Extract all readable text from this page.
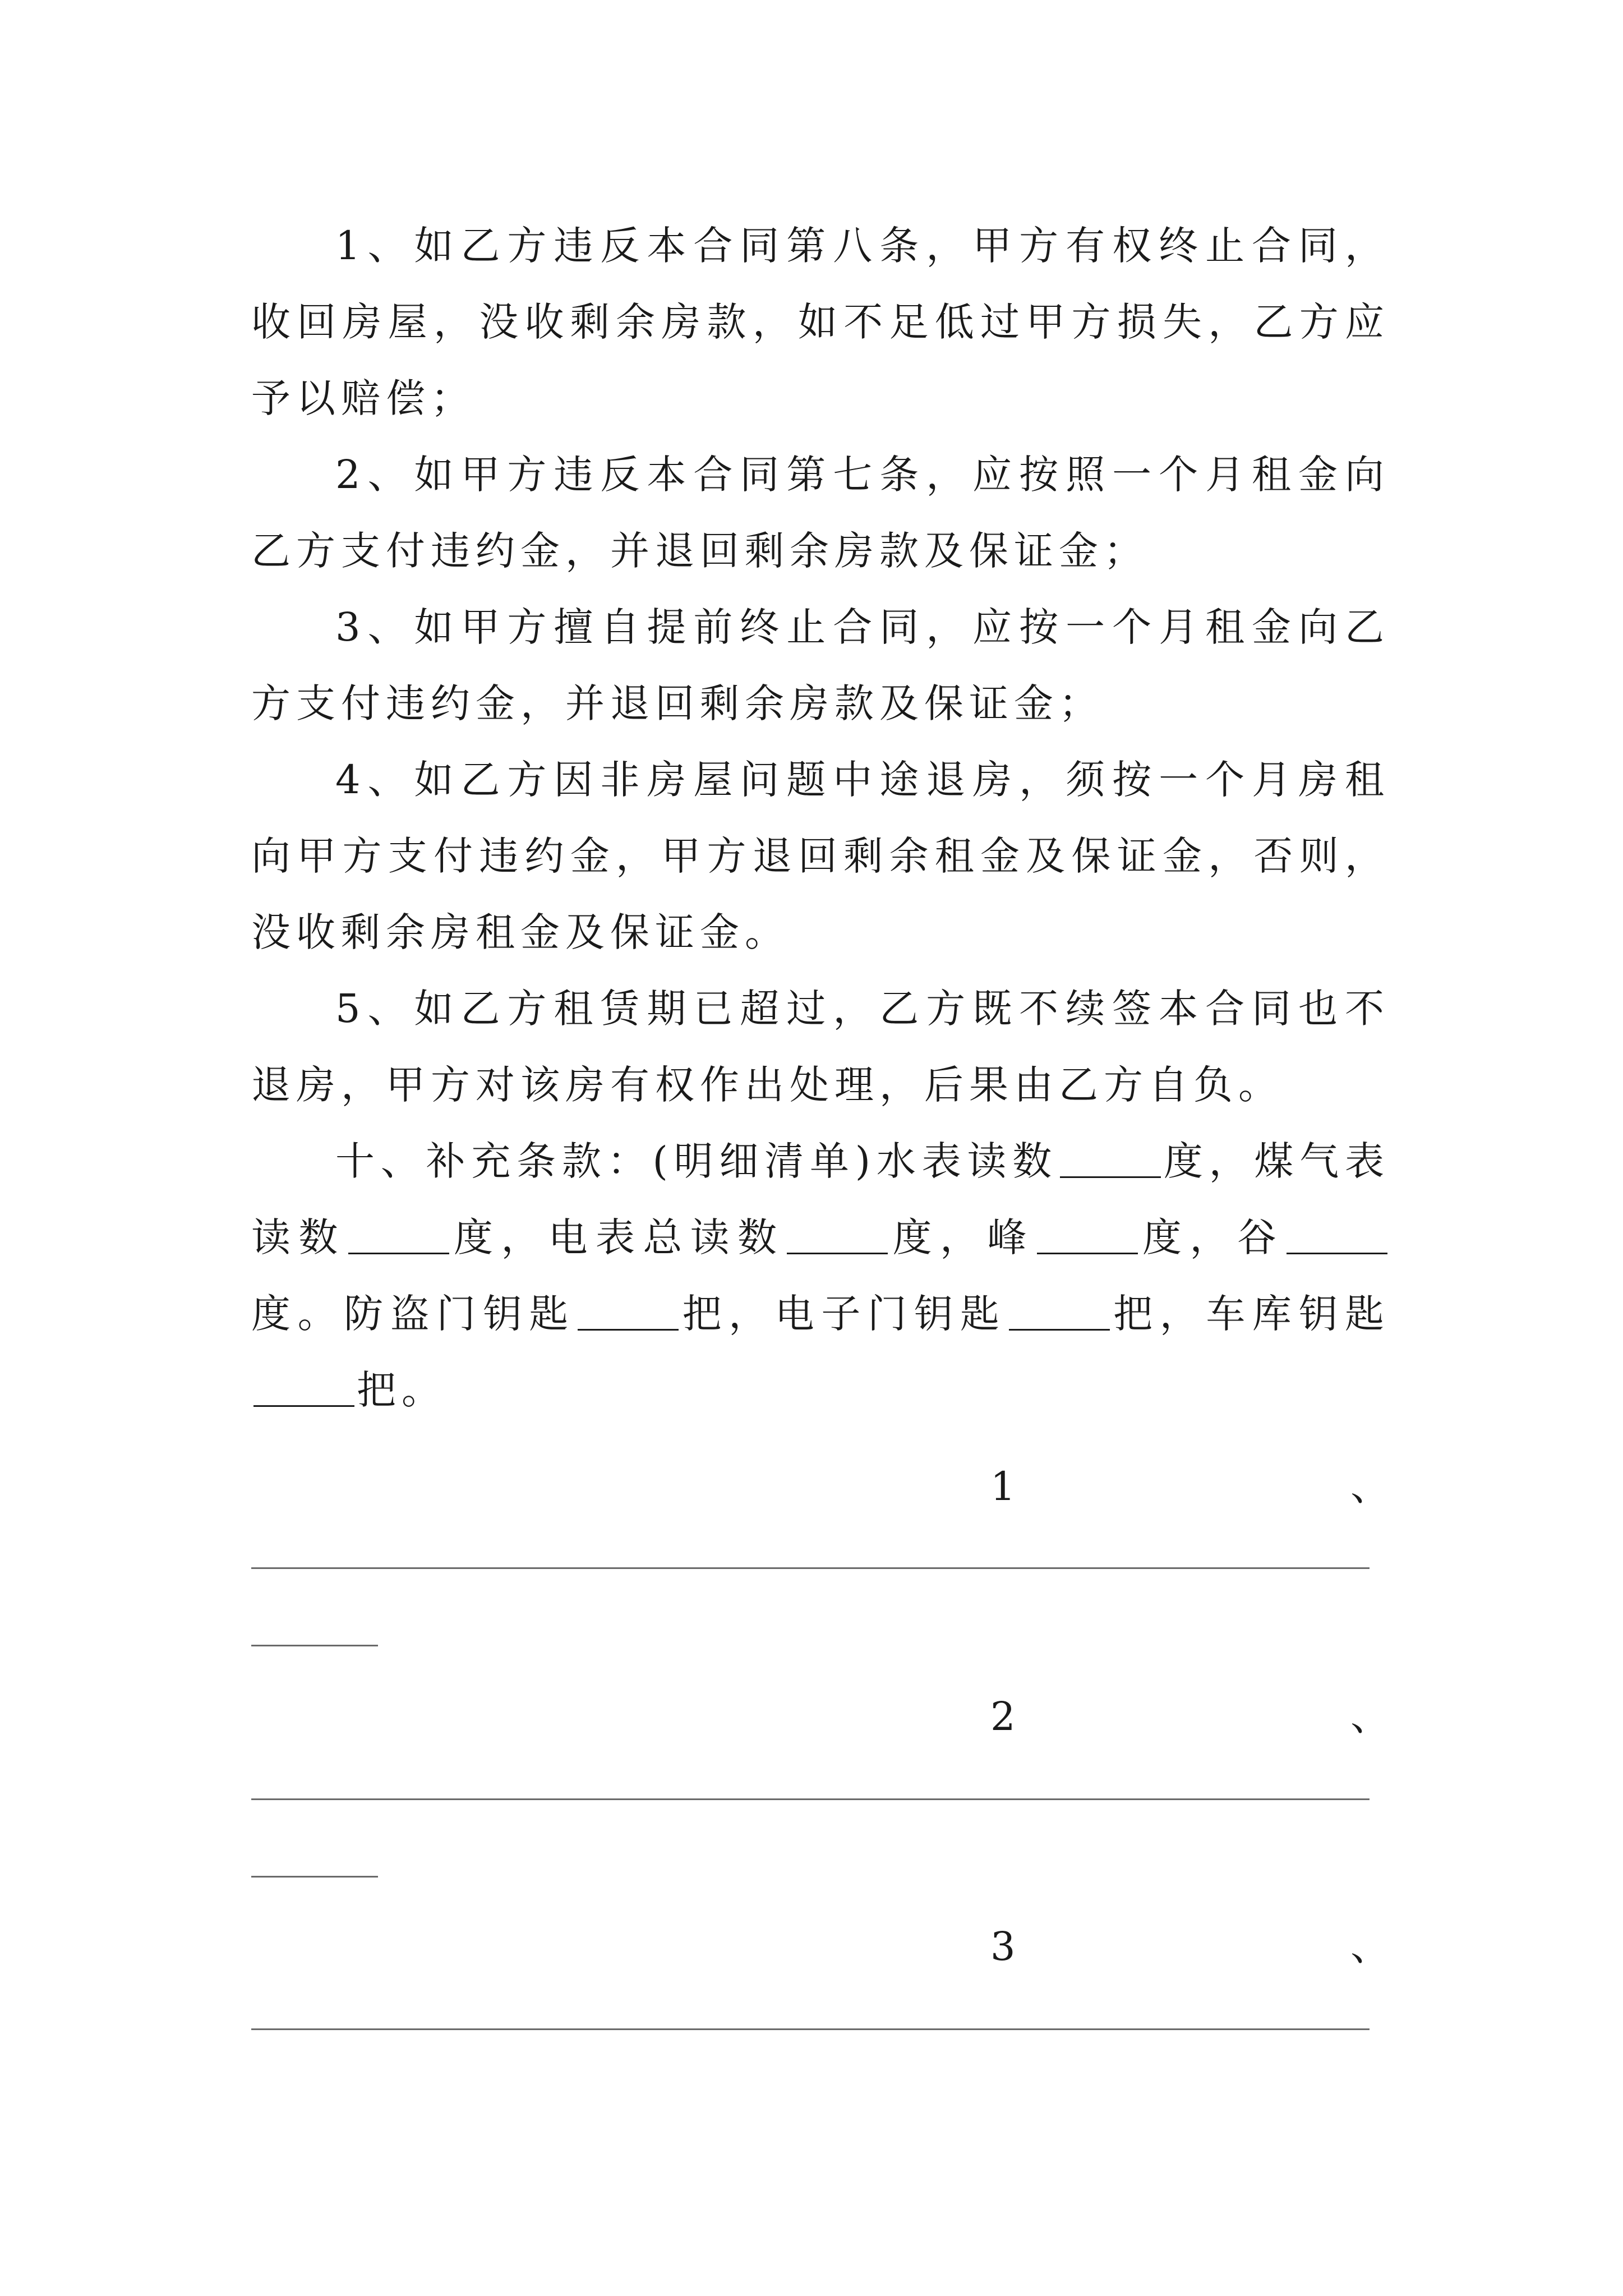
1、如乙方违反本合同第八条，甲方有权终止合同，收回房屋，没收剩余房款，如不足低过甲方损失，乙方应予以赔偿；

2、如甲方违反本合同第七条，应按照一个月租金向乙方支付违约金，并退回剩余房款及保证金；

3、如甲方擅自提前终止合同，应按一个月租金向乙方支付违约金，并退回剩余房款及保证金；

4、如乙方因非房屋问题中途退房，须按一个月房租向甲方支付违约金，甲方退回剩余租金及保证金，否则，没收剩余房租金及保证金。

5、如乙方租赁期已超过，乙方既不续签本合同也不退房，甲方对该房有权作出处理，后果由乙方自负。

十、补充条款：(明细清单)水表读数	度，煤气表读数	度，电表总读数	度，峰	度，谷度。防盗门钥匙	把，电子门钥匙	把，车库钥匙把。

1	、
2	、
3	、
